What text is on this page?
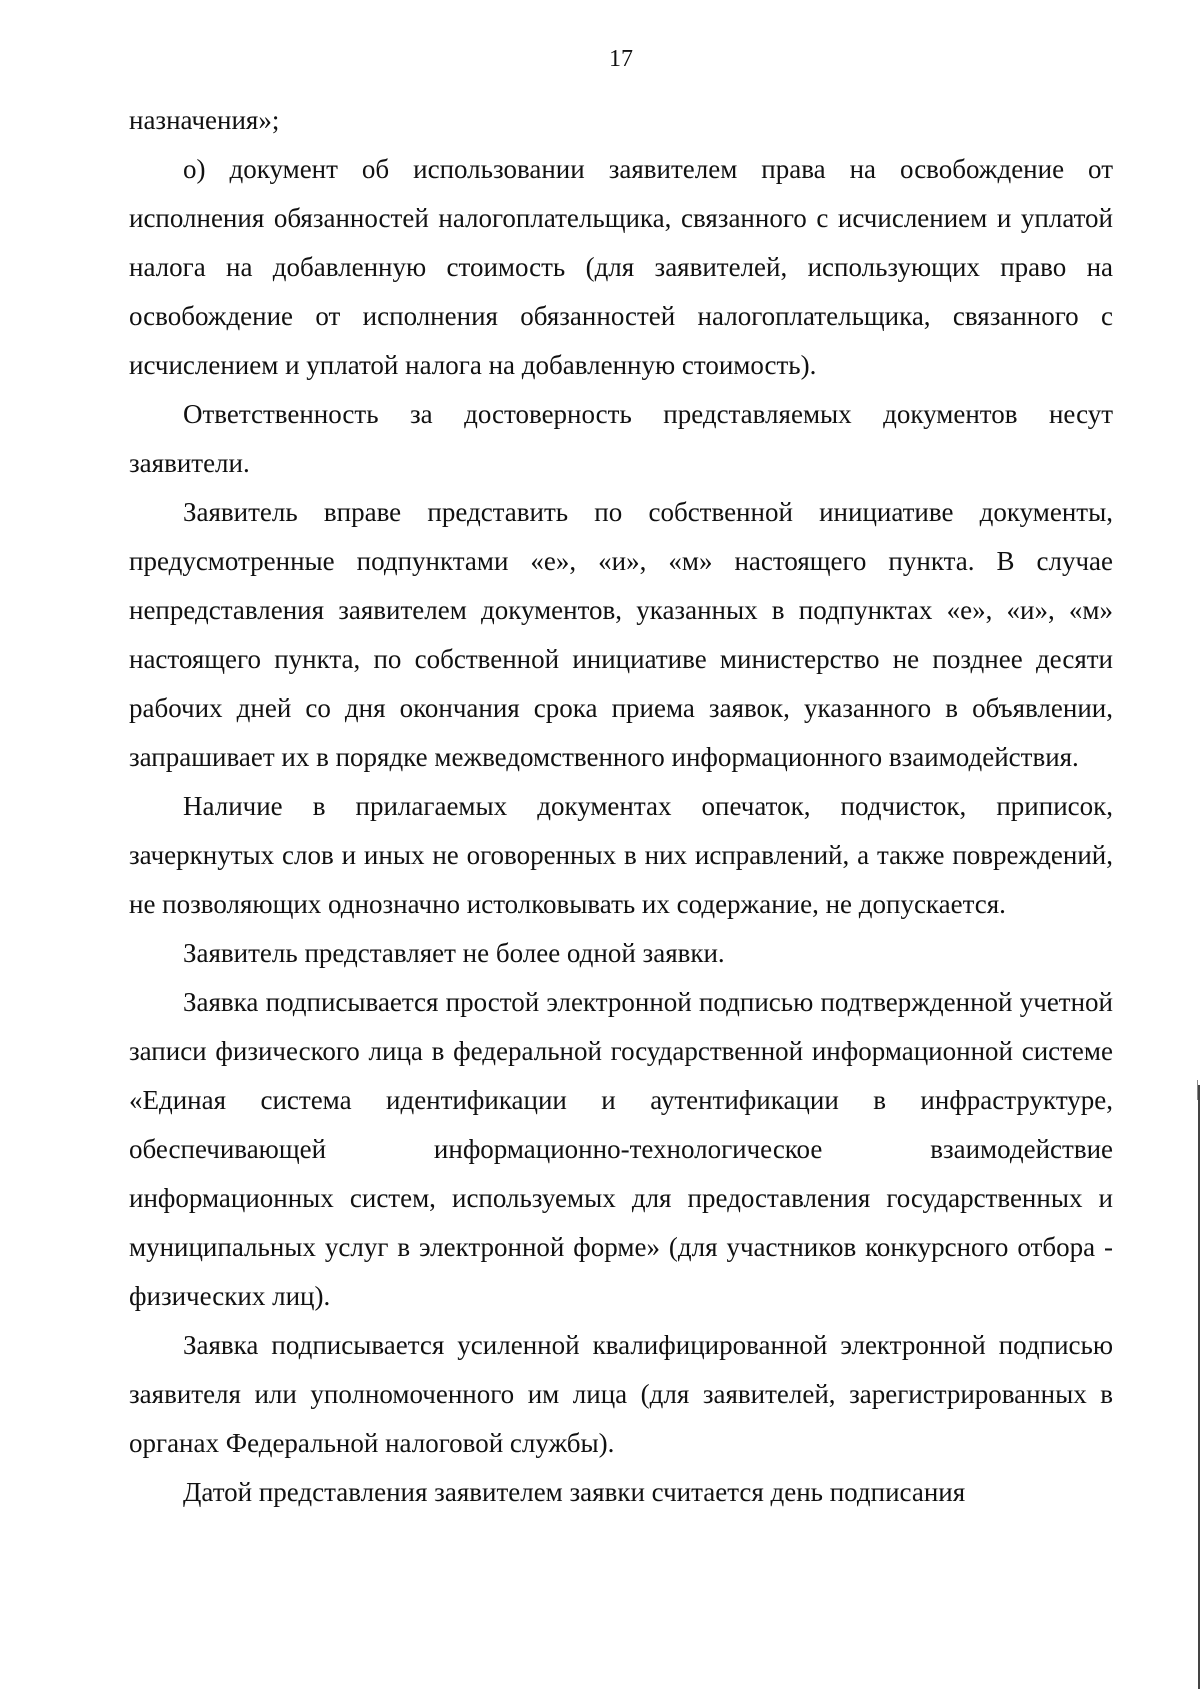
17

назначения»;

о) документ об использовании заявителем права на освобождение от исполнения обязанностей налогоплательщика, связанного с исчислением и уплатой налога на добавленную стоимость (для заявителей, использующих право на освобождение от исполнения обязанностей налогоплательщика, связанного с исчислением и уплатой налога на добавленную стоимость).

Ответственность за достоверность представляемых документов несут заявители.

Заявитель вправе представить по собственной инициативе документы, предусмотренные подпунктами «е», «и», «м» настоящего пункта. В случае непредставления заявителем документов, указанных в подпунктах «е», «и», «м» настоящего пункта, по собственной инициативе министерство не позднее десяти рабочих дней со дня окончания срока приема заявок, указанного в объявлении, запрашивает их в порядке межведомственного информационного взаимодействия.

Наличие в прилагаемых документах опечаток, подчисток, приписок, зачеркнутых слов и иных не оговоренных в них исправлений, а также повреждений, не позволяющих однозначно истолковывать их содержание, не допускается.

Заявитель представляет не более одной заявки.

Заявка подписывается простой электронной подписью подтвержденной учетной записи физического лица в федеральной государственной информационной системе «Единая система идентификации и аутентификации в инфраструктуре, обеспечивающей информационно-технологическое взаимодействие информационных систем, используемых для предоставления государственных и муниципальных услуг в электронной форме» (для участников конкурсного отбора - физических лиц).

Заявка подписывается усиленной квалифицированной электронной подписью заявителя или уполномоченного им лица (для заявителей, зарегистрированных в органах Федеральной налоговой службы).

Датой представления заявителем заявки считается день подписания
